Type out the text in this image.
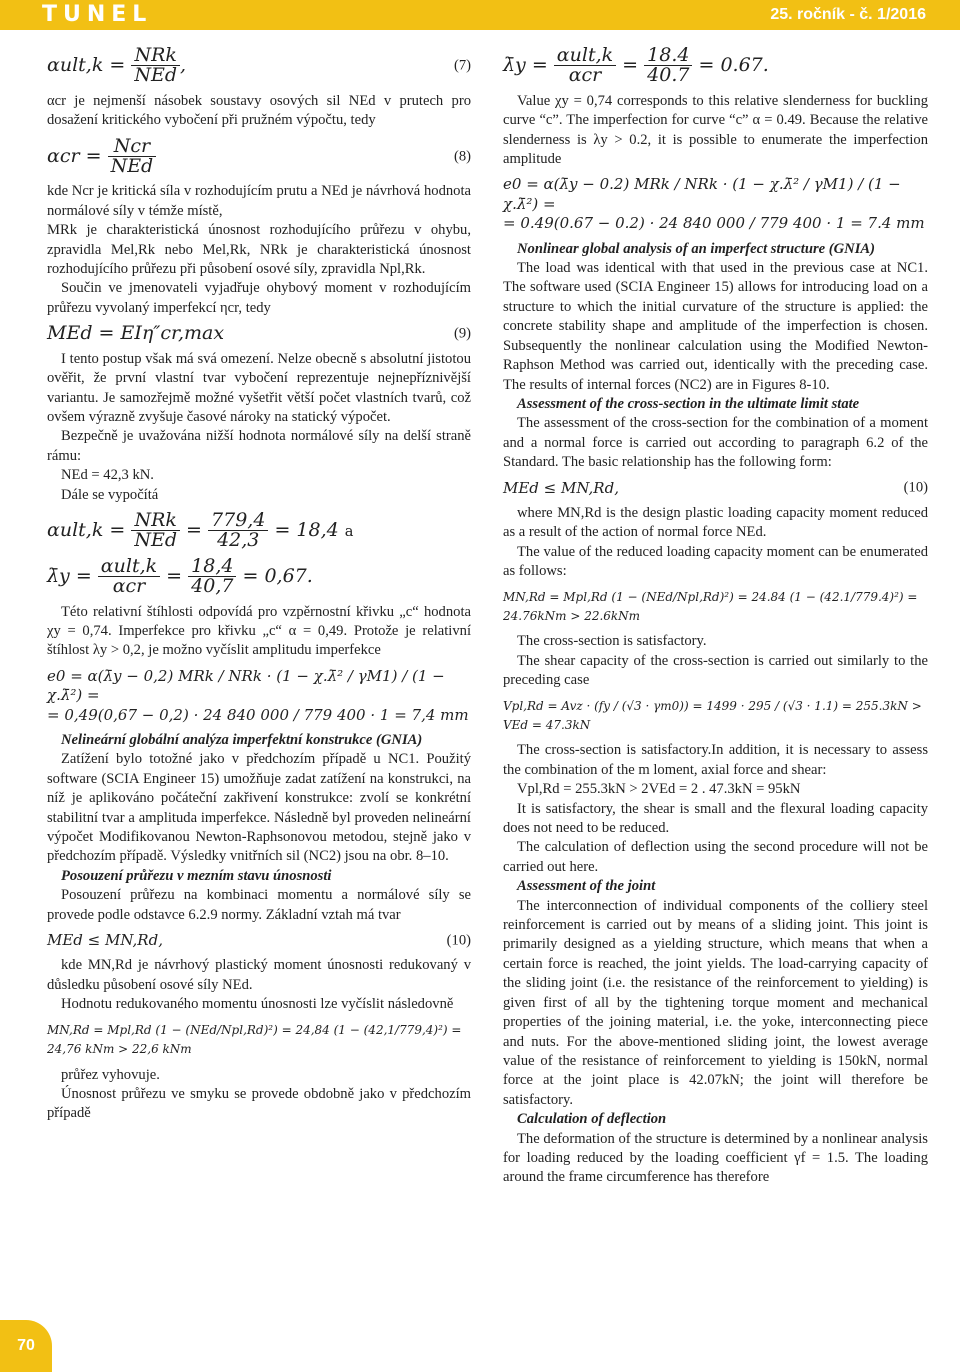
TUNEL	25. ročník - č. 1/2016
$\alpha ult,k = \frac{\text{NRk}}{\text{NEd}}$ ,	(7)

αcr je nejmenší násobek soustavy osových sil NEd v prutech pro dosažení kritického vybočení při pružném výpočtu, tedy

$\alpha cr = \frac{\text{Ncr}}{\text{NEd}}$	(8)

kde Ncr je kritická síla v rozhodujícím prutu a NEd je návrhová hodnota normálové síly v témže místě,

MRk je charakteristická únosnost rozhodujícího průřezu v ohybu, zpravidla Mel,Rk nebo Mel,Rk, NRk je charakteristická únosnost rozhodujícího průřezu při působení osové síly, zpravidla Npl,Rk.

Součin ve jmenovateli vyjadřuje ohybový moment v rozhodujícím průřezu vyvolaný imperfekcí ηcr, tedy

MEd = EIη″cr,max	(9)

I tento postup však má svá omezení. Nelze obecně s absolutní jistotou ověřit, že první vlastní tvar vybočení reprezentuje nejnepříznivější variantu. Je samozřejmě možné vyšetřit větší počet vlastních tvarů, což ovšem výrazně zvyšuje časové nároky na statický výpočet.

Bezpečně je uvažována nižší hodnota normálové síly na delší straně rámu:

NEd = 42,3 kN.

Dále se vypočítá

$\alpha ult,k = \frac{\text{NRk}}{\text{NEd}} = \frac{779,4}{42,3} = 18,4$ a
λ̄y = $\frac{\text{αult,k}}{\text{αcr}} = \frac{18,4}{40,7} = 0,67$.

Této relativní štíhlosti odpovídá pro vzpěrnostní křivku „c“ hodnota χy = 0,74. Imperfekce pro křivku „c“ α = 0,49. Protože je relativní štíhlost λy > 0,2, je možno vyčíslit amplitudu imperfekce

e0 = α(λ̄y − 0,2) MRk / NRk · (1 − χ.λ̄² / γM1) / (1 − χ.λ̄²) =
= 0,49(0,67 − 0,2) · 24 840 000 / 779 400 · 1 = 7,4 mm

Nelineární globální analýza imperfektní konstrukce (GNIA)

Zatížení bylo totožné jako v předchozím případě u NC1. Použitý software (SCIA Engineer 15) umožňuje zadat zatížení na konstrukci, na níž je aplikováno počáteční zakřivení konstrukce: zvolí se konkrétní stabilitní tvar a amplituda imperfekce. Následně byl proveden nelineární výpočet Modifikovanou Newton-Raphsonovou metodou, stejně jako v předchozím případě. Výsledky vnitřních sil (NC2) jsou na obr. 8–10.

Posouzení průřezu v mezním stavu únosnosti

Posouzení průřezu na kombinaci momentu a normálové síly se provede podle odstavce 6.2.9 normy. Základní vztah má tvar

MEd ≤ MN,Rd,	(10)

kde MN,Rd je návrhový plastický moment únosnosti redukovaný v důsledku působení osové síly NEd.

Hodnotu redukovaného momentu únosnosti lze vyčíslit následovně

MN,Rd = Mpl,Rd (1 − (NEd/Npl,Rd)²) = 24,84 (1 − (42,1/779,4)²) = 24,76 kNm > 22,6 kNm

průřez vyhovuje.

Únosnost průřezu ve smyku se provede obdobně jako v předchozím případě

λ̄y = $\frac{\text{αult,k}}{\text{αcr}} = \frac{18.4}{40.7} = 0.67$.

Value χy = 0,74 corresponds to this relative slenderness for buckling curve “c”. The imperfection for curve “c” α = 0.49. Because the relative slenderness is λy > 0.2, it is possible to enumerate the imperfection amplitude

e0 = α(λ̄y − 0.2) MRk / NRk · (1 − χ.λ̄² / γM1) / (1 − χ.λ̄²) =
= 0.49(0.67 − 0.2) · 24 840 000 / 779 400 · 1 = 7.4 mm

Nonlinear global analysis of an imperfect structure (GNIA)

The load was identical with that used in the previous case at NC1. The software used (SCIA Engineer 15) allows for introducing load on a structure to which the initial curvature of the structure is applied: the concrete stability shape and amplitude of the imperfection is chosen. Subsequently the nonlinear calculation using the Modified Newton-Raphson Method was carried out, identically with the preceding case. The results of internal forces (NC2) are in Figures 8-10.

Assessment of the cross-section in the ultimate limit state

The assessment of the cross-section for the combination of a moment and a normal force is carried out according to paragraph 6.2 of the Standard. The basic relationship has the following form:

MEd ≤ MN,Rd,	(10)

where MN,Rd is the design plastic loading capacity moment reduced as a result of the action of normal force NEd.

The value of the reduced loading capacity moment can be enumerated as follows:

MN,Rd = Mpl,Rd (1 − (NEd/Npl,Rd)²) = 24.84 (1 − (42.1/779.4)²) = 24.76kNm > 22.6kNm

The cross-section is satisfactory.

The shear capacity of the cross-section is carried out similarly to the preceding case

Vpl,Rd = Avz · (fy / (√3 · γm0)) = 1499 · 295 / (√3 · 1.1) = 255.3kN > VEd = 47.3kN

The cross-section is satisfactory.In addition, it is necessary to assess the combination of the m loment, axial force and shear:

Vpl,Rd = 255.3kN > 2VEd = 2 . 47.3kN = 95kN

It is satisfactory, the shear is small and the flexural loading capacity does not need to be reduced.

The calculation of deflection using the second procedure will not be carried out here.

Assessment of the joint

The interconnection of individual components of the colliery steel reinforcement is carried out by means of a sliding joint. This joint is primarily designed as a yielding structure, which means that when a certain force is reached, the joint yields. The load-carrying capacity of the sliding joint (i.e. the resistance of the reinforcement to yielding) is given first of all by the tightening torque moment and mechanical properties of the joining material, i.e. the yoke, interconnecting piece and nuts. For the above-mentioned sliding joint, the lowest average value of the resistance of reinforcement to yielding is 150kN, normal force at the joint place is 42.07kN; the joint will therefore be satisfactory.

Calculation of deflection

The deformation of the structure is determined by a nonlinear analysis for loading reduced by the loading coefficient γf = 1.5. The loading around the frame circumference has therefore

70
